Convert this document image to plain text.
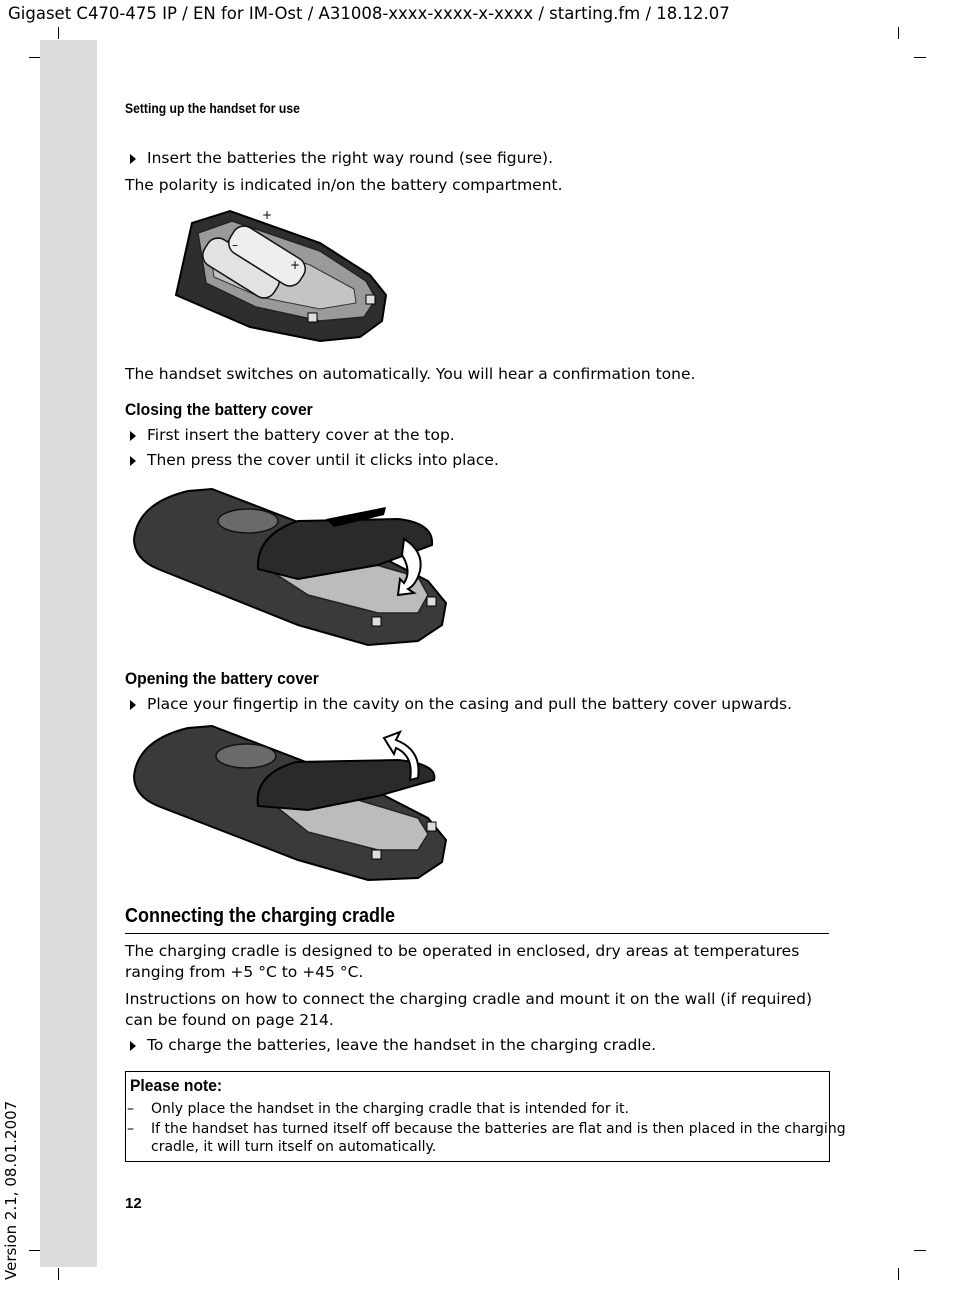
Gigaset C470-475 IP / EN for IM-Ost / A31008-xxxx-xxxx-x-xxxx / starting.fm / 18.12.07
Version 2.1, 08.01.2007
Setting up the handset for use
Insert the batteries the right way round (see figure).
The polarity is indicated in/on the battery compartment.
–
+
+
The handset switches on automatically. You will hear a confirmation tone.
Closing the battery cover
First insert the battery cover at the top.
Then press the cover until it clicks into place.
Opening the battery cover
Place your fingertip in the cavity on the casing and pull the battery cover upwards.
Connecting the charging cradle
The charging cradle is designed to be operated in enclosed, dry areas at temperatures
ranging from +5 °C to +45 °C.
Instructions on how to connect the charging cradle and mount it on the wall (if required)
can be found on page 214.
To charge the batteries, leave the handset in the charging cradle.
Please note:
– Only place the handset in the charging cradle that is intended for it.
– If the handset has turned itself off because the batteries are flat and is then placed in the charging
cradle, it will turn itself on automatically.
12
